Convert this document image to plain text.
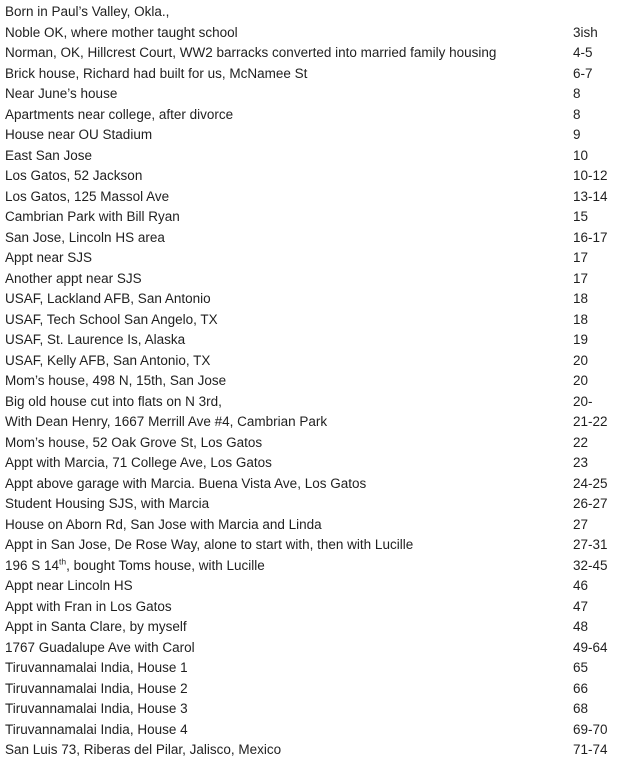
Born in Paul’s Valley, Okla.,
Noble OK, where mother taught school	3ish
Norman, OK, Hillcrest Court, WW2 barracks converted into married family housing	4-5
Brick house, Richard had built for us, McNamee St	6-7
Near June’s house	8
Apartments near college, after divorce	8
House near OU Stadium	9
East San Jose	10
Los Gatos, 52 Jackson	10-12
Los Gatos, 125 Massol Ave	13-14
Cambrian Park with Bill Ryan	15
San Jose, Lincoln HS area	16-17
Appt near SJS	17
Another appt near SJS	17
USAF, Lackland AFB, San Antonio	18
USAF, Tech School San Angelo, TX	18
USAF, St. Laurence Is, Alaska	19
USAF, Kelly AFB, San Antonio, TX	20
Mom’s house, 498 N, 15th, San Jose	20
Big old house cut into flats on N 3rd,	20-
With Dean Henry, 1667 Merrill Ave #4, Cambrian Park	21-22
Mom’s house, 52 Oak Grove St, Los Gatos	22
Appt with Marcia, 71 College Ave, Los Gatos	23
Appt above garage with Marcia. Buena Vista Ave, Los Gatos	24-25
Student Housing SJS, with Marcia	26-27
House on Aborn Rd, San Jose with Marcia and Linda	27
Appt in San Jose, De Rose Way, alone to start with, then with Lucille	27-31
196 S 14th, bought Toms house, with Lucille	32-45
Appt near Lincoln HS	46
Appt with Fran in Los Gatos	47
Appt in Santa Clare, by myself	48
1767 Guadalupe Ave with Carol	49-64
Tiruvannamalai India, House 1	65
Tiruvannamalai India, House 2	66
Tiruvannamalai India, House 3	68
Tiruvannamalai India, House 4	69-70
San Luis 73, Riberas del Pilar, Jalisco, Mexico	71-74
